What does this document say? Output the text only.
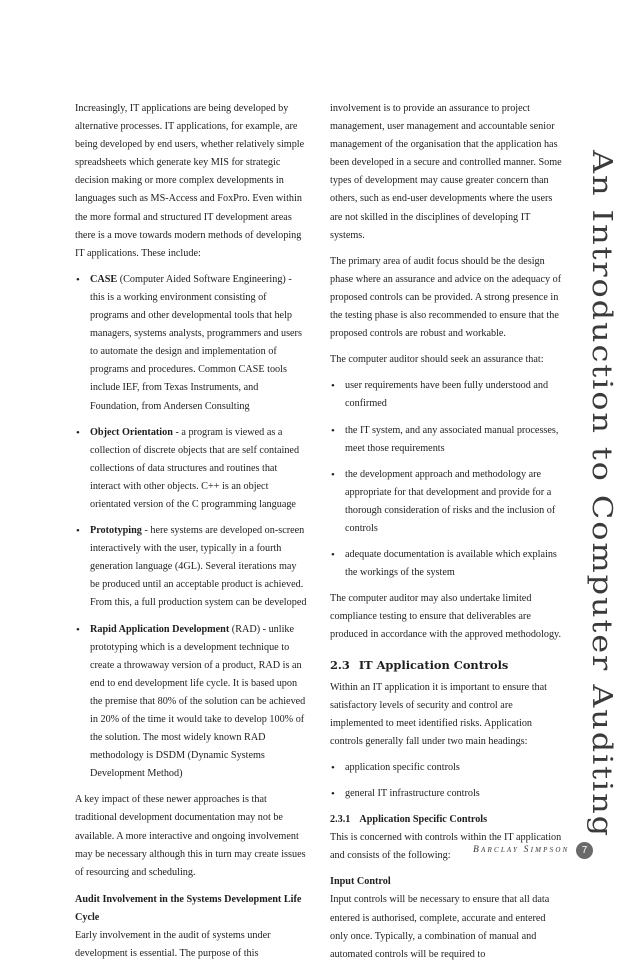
Increasingly, IT applications are being developed by alternative processes. IT applications, for example, are being developed by end users, whether relatively simple spreadsheets which generate key MIS for strategic decision making or more complex developments in languages such as MS-Access and FoxPro. Even within the more formal and structured IT development areas there is a move towards modern methods of developing IT applications. These include:

• CASE (Computer Aided Software Engineering) - this is a working environment consisting of programs and other developmental tools that help managers, systems analysts, programmers and users to automate the design and implementation of programs and procedures. Common CASE tools include IEF, from Texas Instruments, and Foundation, from Andersen Consulting
• Object Orientation - a program is viewed as a collection of discrete objects that are self contained collections of data structures and routines that interact with other objects. C++ is an object orientated version of the C programming language
• Prototyping - here systems are developed on-screen interactively with the user, typically in a fourth generation language (4GL). Several iterations may be produced until an acceptable product is achieved. From this, a full production system can be developed
• Rapid Application Development (RAD) - unlike prototyping which is a development technique to create a throwaway version of a product, RAD is an end to end development life cycle. It is based upon the premise that 80% of the solution can be achieved in 20% of the time it would take to develop 100% of the solution. The most widely known RAD methodology is DSDM (Dynamic Systems Development Method)

A key impact of these newer approaches is that traditional development documentation may not be available. A more interactive and ongoing involvement may be necessary although this in turn may create issues of resourcing and scheduling.

Audit Involvement in the Systems Development Life Cycle

Early involvement in the audit of systems under development is essential. The purpose of this

involvement is to provide an assurance to project management, user management and accountable senior management of the organisation that the application has been developed in a secure and controlled manner. Some types of development may cause greater concern than others, such as end-user developments where the users are not skilled in the disciplines of developing IT systems.

The primary area of audit focus should be the design phase where an assurance and advice on the adequacy of proposed controls can be provided. A strong presence in the testing phase is also recommended to ensure that the proposed controls are robust and workable.

The computer auditor should seek an assurance that:

• user requirements have been fully understood and confirmed
• the IT system, and any associated manual processes, meet those requirements
• the development approach and methodology are appropriate for that development and provide for a thorough consideration of risks and the inclusion of controls
• adequate documentation is available which explains the workings of the system

The computer auditor may also undertake limited compliance testing to ensure that deliverables are produced in accordance with the approved methodology.

2.3 IT Application Controls

Within an IT application it is important to ensure that satisfactory levels of security and control are implemented to meet identified risks. Application controls generally fall under two main headings:

• application specific controls
• general IT infrastructure controls
2.3.1 Application Specific Controls

This is concerned with controls within the IT application and consists of the following:

Input Control

Input controls will be necessary to ensure that all data entered is authorised, complete, accurate and entered only once. Typically, a combination of manual and automated controls will be required to

An Introduction to Computer Auditing
Barclay Simpson	7
